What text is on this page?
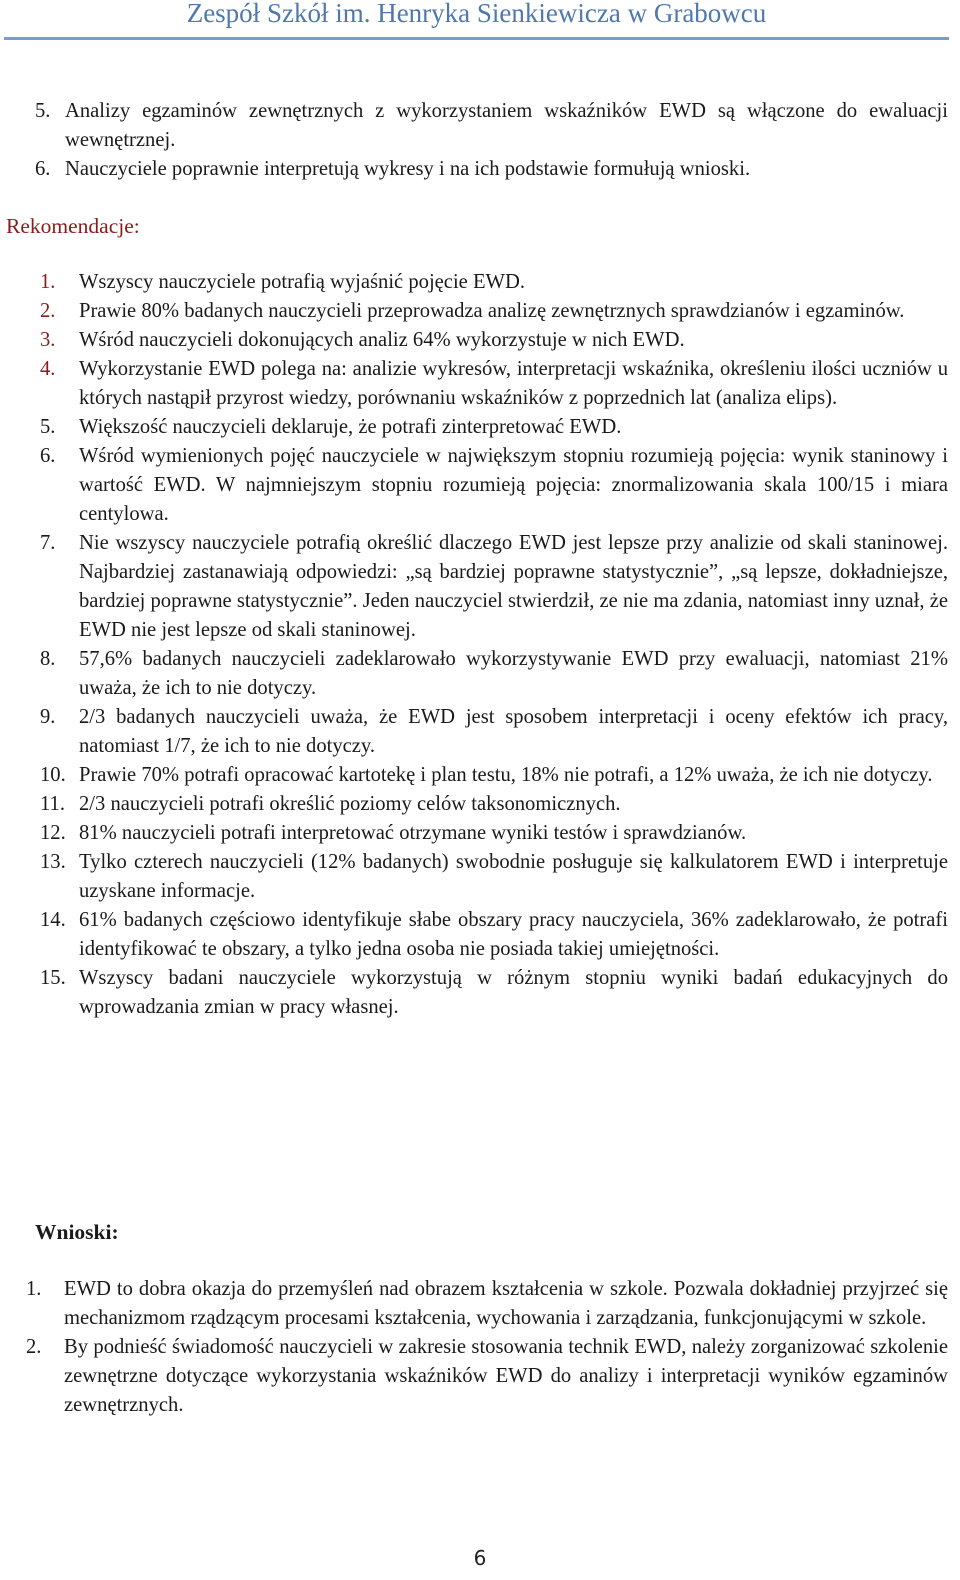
Zespół Szkół im. Henryka Sienkiewicza w Grabowcu
5. Analizy egzaminów zewnętrznych z wykorzystaniem wskaźników EWD są włączone do ewaluacji wewnętrznej.
6. Nauczyciele poprawnie interpretują wykresy i na ich podstawie formułują wnioski.
Rekomendacje:
1. Wszyscy nauczyciele potrafią wyjaśnić pojęcie EWD.
2. Prawie 80% badanych nauczycieli przeprowadza analizę zewnętrznych sprawdzianów i egzaminów.
3. Wśród nauczycieli dokonujących analiz 64% wykorzystuje w nich EWD.
4. Wykorzystanie EWD polega na: analizie wykresów, interpretacji wskaźnika, określeniu ilości uczniów u których nastąpił przyrost wiedzy, porównaniu wskaźników z poprzednich lat (analiza elips).
5. Większość nauczycieli deklaruje, że potrafi zinterpretować EWD.
6. Wśród wymienionych pojęć nauczyciele w największym stopniu rozumieją pojęcia: wynik staninowy i wartość EWD. W najmniejszym stopniu rozumieją pojęcia: znormalizowania skala 100/15 i miara centylowa.
7. Nie wszyscy nauczyciele potrafią określić dlaczego EWD jest lepsze przy analizie od skali staninowej. Najbardziej zastanawiają odpowiedzi: „są bardziej poprawne statystycznie”, „są lepsze, dokładniejsze, bardziej poprawne statystycznie”. Jeden nauczyciel stwierdził, ze nie ma zdania, natomiast inny uznał, że EWD nie jest lepsze od skali staninowej.
8. 57,6% badanych nauczycieli zadeklarowało wykorzystywanie EWD przy ewaluacji, natomiast 21% uważa, że ich to nie dotyczy.
9. 2/3 badanych nauczycieli uważa, że EWD jest sposobem interpretacji i oceny efektów ich pracy, natomiast 1/7, że ich to nie dotyczy.
10. Prawie 70% potrafi opracować kartotekę i plan testu, 18% nie potrafi, a 12% uważa, że ich nie dotyczy.
11. 2/3 nauczycieli potrafi określić poziomy celów taksonomicznych.
12. 81% nauczycieli potrafi interpretować otrzymane wyniki testów i sprawdzianów.
13. Tylko czterech nauczycieli (12% badanych) swobodnie posługuje się kalkulatorem EWD i interpretuje uzyskane informacje.
14. 61% badanych częściowo identyfikuje słabe obszary pracy nauczyciela, 36% zadeklarowało, że potrafi identyfikować te obszary, a tylko jedna osoba nie posiada takiej umiejętności.
15. Wszyscy badani nauczyciele wykorzystują w różnym stopniu wyniki badań edukacyjnych do wprowadzania zmian w pracy własnej.
Wnioski:
1. EWD to dobra okazja do przemyśleń nad obrazem kształcenia w szkole. Pozwala dokładniej przyjrzeć się mechanizmom rządzącym procesami kształcenia, wychowania i zarządzania, funkcjonującymi w szkole.
2. By podnieść świadomość nauczycieli w zakresie stosowania technik EWD, należy zorganizować szkolenie zewnętrzne dotyczące wykorzystania wskaźników EWD do analizy i interpretacji wyników egzaminów zewnętrznych.
6
